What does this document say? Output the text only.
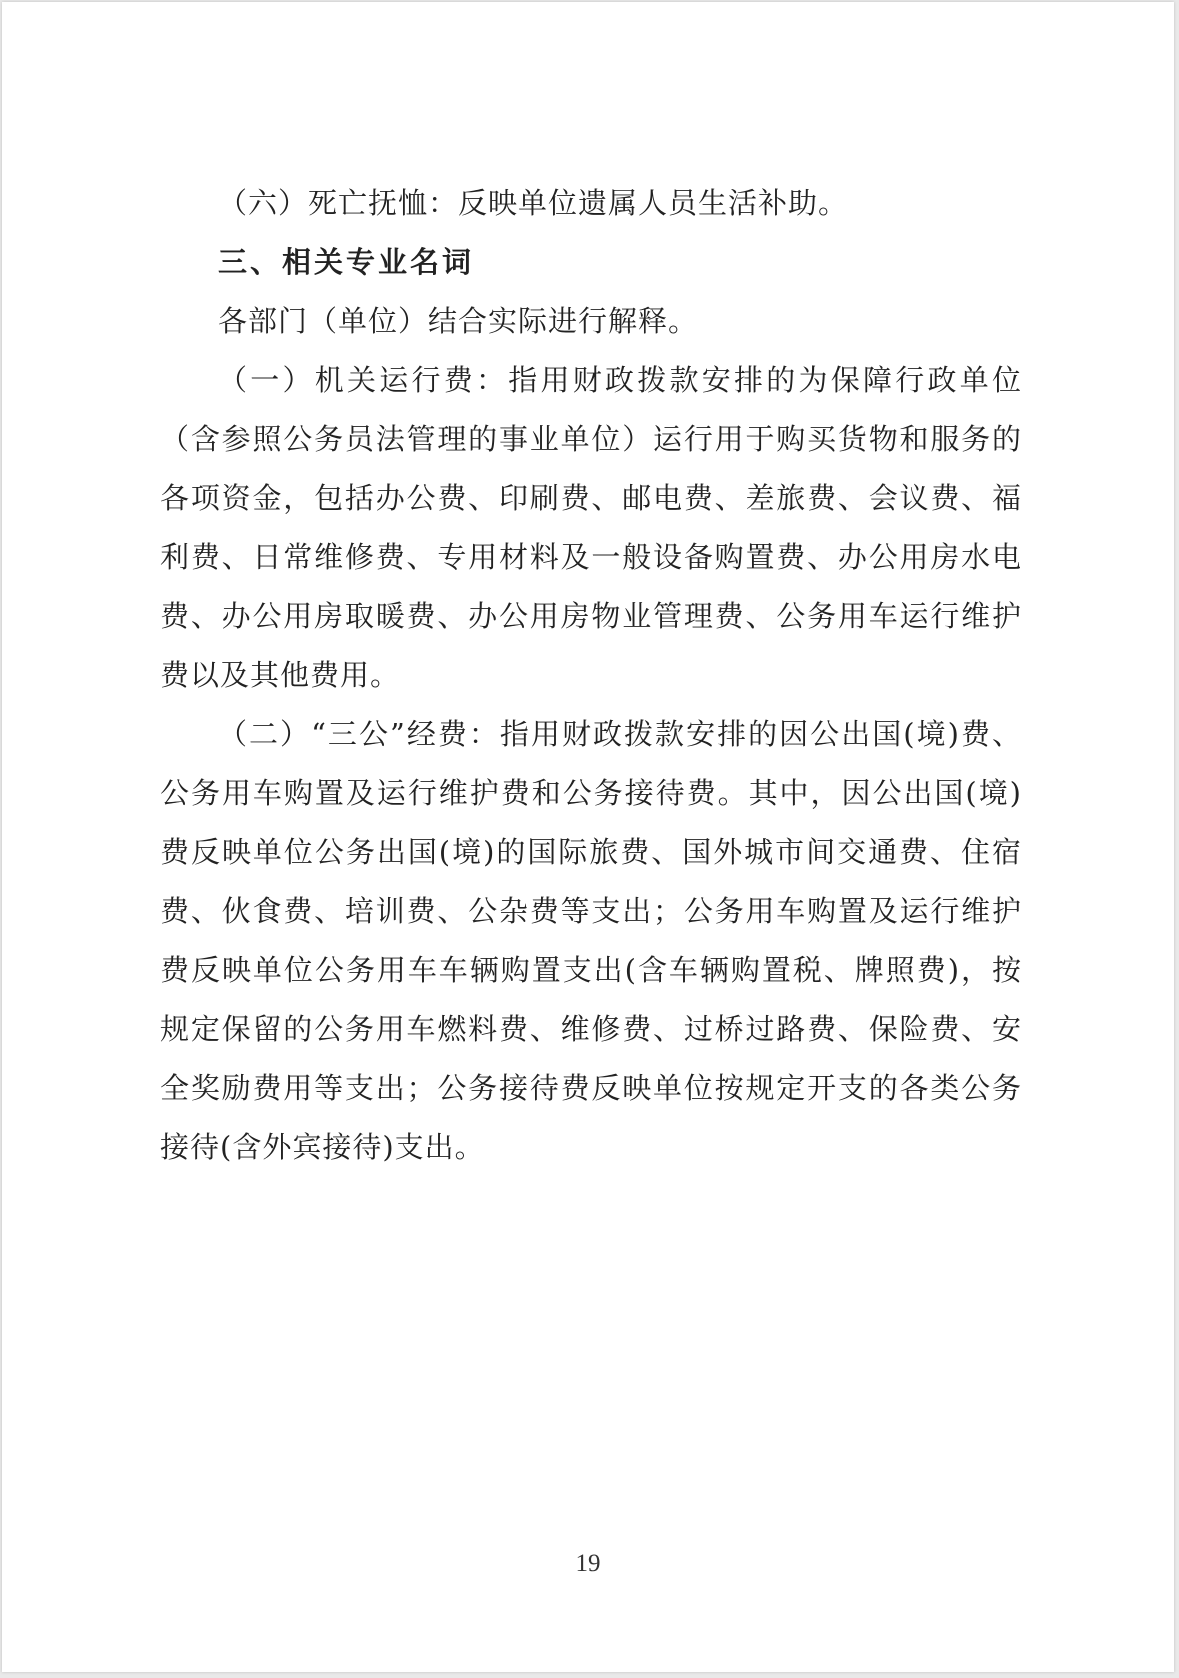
（六）死亡抚恤：反映单位遗属人员生活补助。

三、相关专业名词

各部门（单位）结合实际进行解释。

（一）机关运行费：指用财政拨款安排的为保障行政单位（含参照公务员法管理的事业单位）运行用于购买货物和服务的各项资金，包括办公费、印刷费、邮电费、差旅费、会议费、福利费、日常维修费、专用材料及一般设备购置费、办公用房水电费、办公用房取暖费、办公用房物业管理费、公务用车运行维护费以及其他费用。

（二）“三公”经费：指用财政拨款安排的因公出国(境)费、公务用车购置及运行维护费和公务接待费。其中，因公出国(境)费反映单位公务出国(境)的国际旅费、国外城市间交通费、住宿费、伙食费、培训费、公杂费等支出；公务用车购置及运行维护费反映单位公务用车车辆购置支出(含车辆购置税、牌照费)，按规定保留的公务用车燃料费、维修费、过桥过路费、保险费、安全奖励费用等支出；公务接待费反映单位按规定开支的各类公务接待(含外宾接待)支出。

19
